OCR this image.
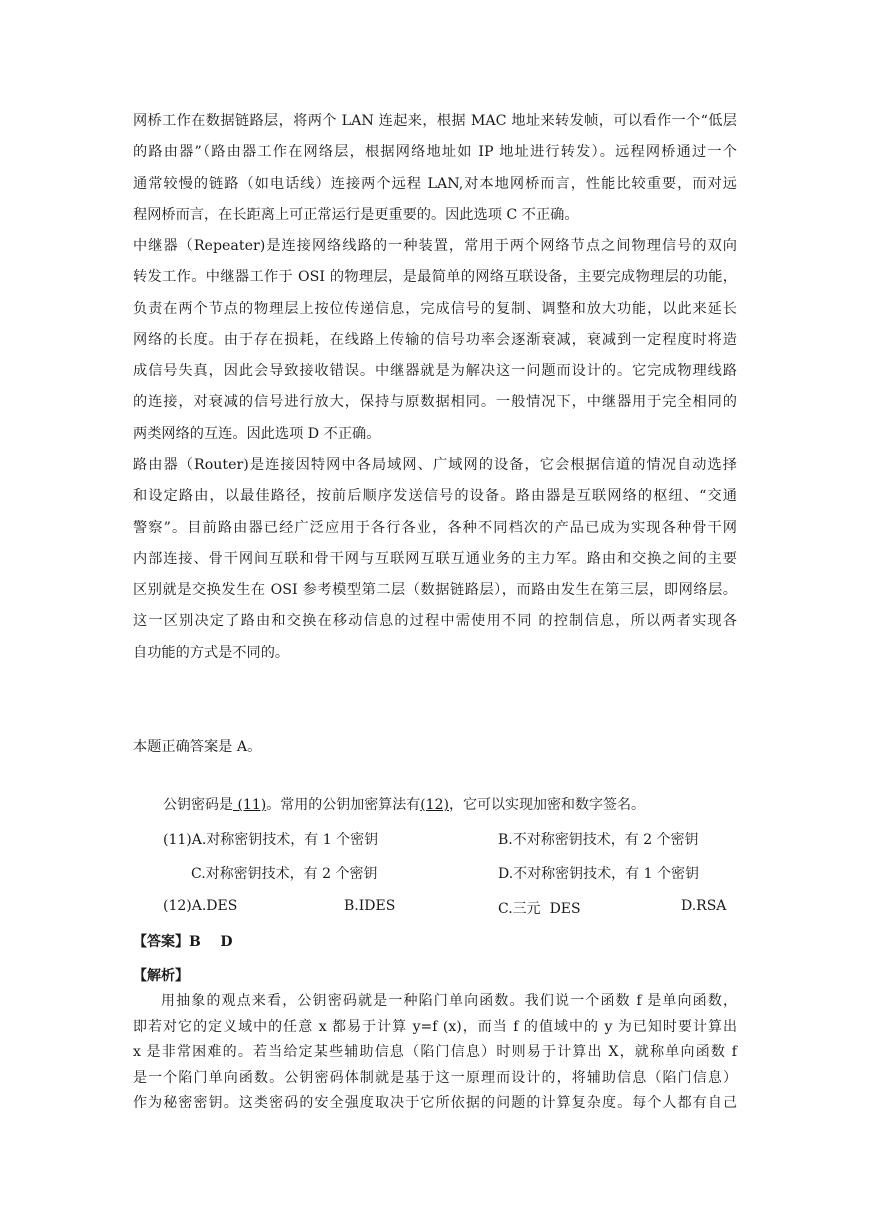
网桥工作在数据链路层，将两个 LAN 连起来，根据 MAC 地址来转发帧，可以看作一个“低层
的路由器”（路由器工作在网络层，根据网络地址如 IP 地址进行转发）。远程网桥通过一个
通常较慢的链路（如电话线）连接两个远程 LAN,对本地网桥而言，性能比较重要，而对远
程网桥而言，在长距离上可正常运行是更重要的。因此选项 C 不正确。
中继器（Repeater)是连接网络线路的一种装置，常用于两个网络节点之间物理信号的双向
转发工作。中继器工作于 OSI 的物理层，是最简单的网络互联设备，主要完成物理层的功能，
负责在两个节点的物理层上按位传递信息，完成信号的复制、调整和放大功能，以此来延长
网络的长度。由于存在损耗，在线路上传输的信号功率会逐渐衰减，衰减到一定程度时将造
成信号失真，因此会导致接收错误。中继器就是为解决这一问题而设计的。它完成物理线路
的连接，对衰减的信号进行放大，保持与原数据相同。一般情况下，中继器用于完全相同的
两类网络的互连。因此选项 D 不正确。
路由器（Router)是连接因特网中各局域网、广域网的设备，它会根据信道的情况自动选择
和设定路由，以最佳路径，按前后顺序发送信号的设备。路由器是互联网络的枢纽、“交通
警察”。目前路由器已经广泛应用于各行各业，各种不同档次的产品已成为实现各种骨干网
内部连接、骨干网间互联和骨干网与互联网互联互通业务的主力军。路由和交换之间的主要
区别就是交换发生在 OSI 参考模型第二层（数据链路层），而路由发生在第三层，即网络层。
这一区别决定了路由和交换在移动信息的过程中需使用不同 的控制信息，所以两者实现各
自功能的方式是不同的。
本题正确答案是 A。

公钥密码是 (11)。常用的公钥加密算法有(12)，它可以实现加密和数字签名。

(11)A.对称密钥技术，有 1 个密钥	B.不对称密钥技术，有 2 个密钥
C.对称密钥技术，有 2 个密钥	D.不对称密钥技术，有 1 个密钥
(12)A.DES	B.IDES	C.三元  DES	D.RSA
【答案】B    D
【解析】
用抽象的观点来看，公钥密码就是一种陷门单向函数。我们说一个函数 f 是单向函数，
即若对它的定义域中的任意 x 都易于计算 y=f (x)，而当 f 的值域中的 y 为已知时要计算出
x 是非常困难的。若当给定某些辅助信息（陷门信息）时则易于计算出 X，就称单向函数 f
是一个陷门单向函数。公钥密码体制就是基于这一原理而设计的，将辅助信息（陷门信息）
作为秘密密钥。这类密码的安全强度取决于它所依据的问题的计算复杂度。每个人都有自己
